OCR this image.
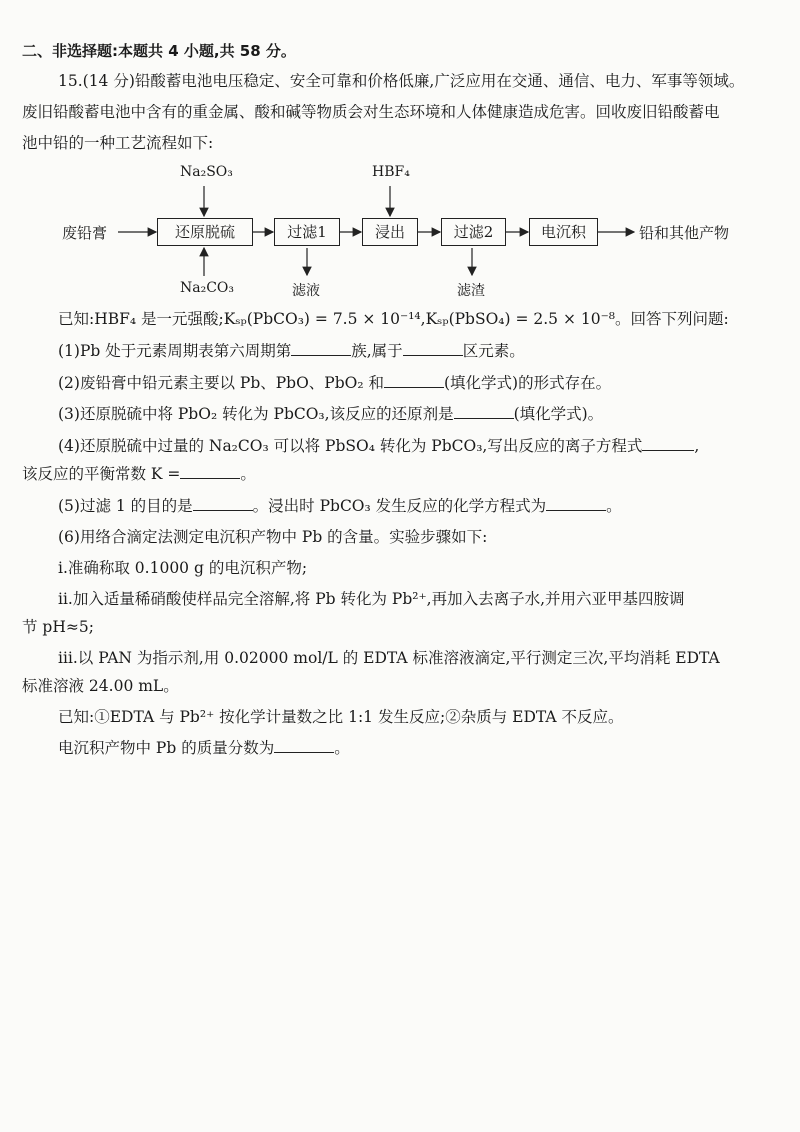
二、非选择题:本题共 4 小题,共 58 分。
15.(14 分)铅酸蓄电池电压稳定、安全可靠和价格低廉,广泛应用在交通、通信、电力、军事等领域。
废旧铅酸蓄电池中含有的重金属、酸和碱等物质会对生态环境和人体健康造成危害。回收废旧铅酸蓄电
池中铅的一种工艺流程如下:
废铅膏
Na₂SO₃
Na₂CO₃
HBF₄
还原脱硫	过滤1	浸出	过滤2	电沉积	铅和其他产物
滤液	滤渣
已知:HBF₄ 是一元强酸;Kₛₚ(PbCO₃) = 7.5 × 10⁻¹⁴,Kₛₚ(PbSO₄) = 2.5 × 10⁻⁸。回答下列问题:
(1)Pb 处于元素周期表第六周期第	族,属于	区元素。
(2)废铅膏中铅元素主要以 Pb、PbO、PbO₂ 和	(填化学式)的形式存在。
(3)还原脱硫中将 PbO₂ 转化为 PbCO₃,该反应的还原剂是	(填化学式)。
(4)还原脱硫中过量的 Na₂CO₃ 可以将 PbSO₄ 转化为 PbCO₃,写出反应的离子方程式	,
该反应的平衡常数 K =	。
(5)过滤 1 的目的是	。浸出时 PbCO₃ 发生反应的化学方程式为	。
(6)用络合滴定法测定电沉积产物中 Pb 的含量。实验步骤如下:
ⅰ.准确称取 0.1000 g 的电沉积产物;
ⅱ.加入适量稀硝酸使样品完全溶解,将 Pb 转化为 Pb²⁺,再加入去离子水,并用六亚甲基四胺调
节 pH≈5;
ⅲ.以 PAN 为指示剂,用 0.02000 mol/L 的 EDTA 标准溶液滴定,平行测定三次,平均消耗 EDTA
标准溶液 24.00 mL。
已知:①EDTA 与 Pb²⁺ 按化学计量数之比 1:1 发生反应;②杂质与 EDTA 不反应。
电沉积产物中 Pb 的质量分数为	。
